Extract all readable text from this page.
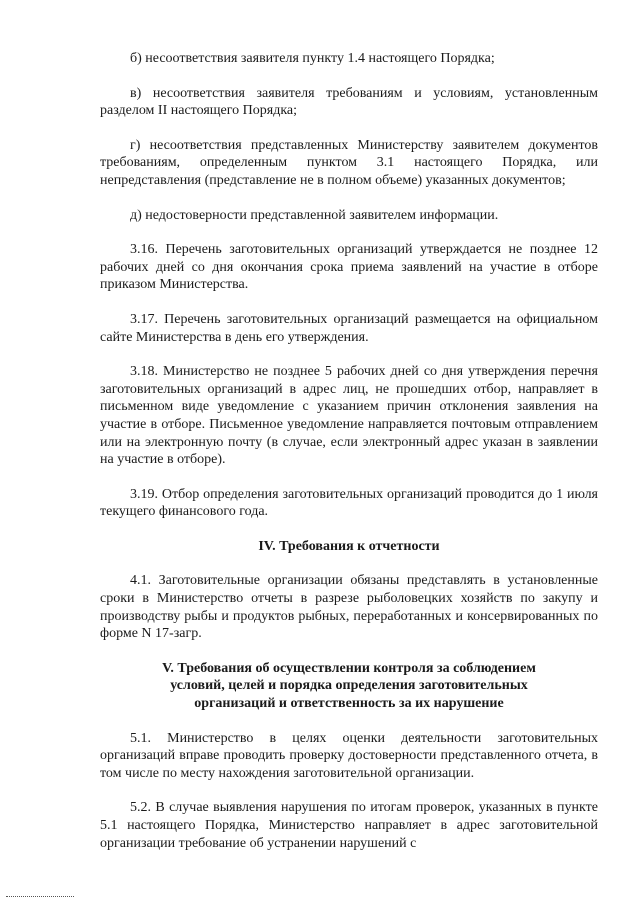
б) несоответствия заявителя пункту 1.4 настоящего Порядка;

в) несоответствия заявителя требованиям и условиям, установленным разделом II настоящего Порядка;

г) несоответствия представленных Министерству заявителем документов требованиям, определенным пунктом 3.1 настоящего Порядка, или непредставления (представление не в полном объеме) указанных документов;

д) недостоверности представленной заявителем информации.

3.16. Перечень заготовительных организаций утверждается не позднее 12 рабочих дней со дня окончания срока приема заявлений на участие в отборе приказом Министерства.

3.17. Перечень заготовительных организаций размещается на официальном сайте Министерства в день его утверждения.

3.18. Министерство не позднее 5 рабочих дней со дня утверждения перечня заготовительных организаций в адрес лиц, не прошедших отбор, направляет в письменном виде уведомление с указанием причин отклонения заявления на участие в отборе. Письменное уведомление направляется почтовым отправлением или на электронную почту (в случае, если электронный адрес указан в заявлении на участие в отборе).

3.19. Отбор определения заготовительных организаций проводится до 1 июля текущего финансового года.

IV. Требования к отчетности

4.1. Заготовительные организации обязаны представлять в установленные сроки в Министерство отчеты в разрезе рыболовецких хозяйств по закупу и производству рыбы и продуктов рыбных, переработанных и консервированных по форме N 17-загр.

V. Требования об осуществлении контроля за соблюдением

условий, целей и порядка определения заготовительных

организаций и ответственность за их нарушение

5.1. Министерство в целях оценки деятельности заготовительных организаций вправе проводить проверку достоверности представленного отчета, в том числе по месту нахождения заготовительной организации.

5.2. В случае выявления нарушения по итогам проверок, указанных в пункте 5.1 настоящего Порядка, Министерство направляет в адрес заготовительной организации требование об устранении нарушений с
